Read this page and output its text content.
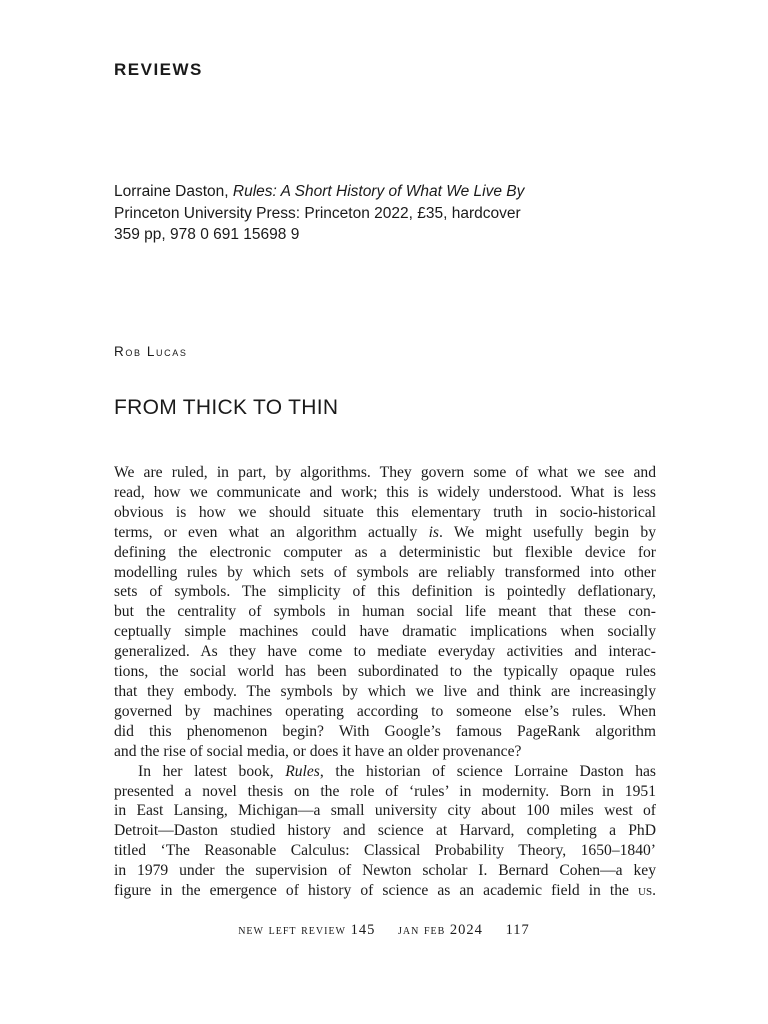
REVIEWS
Lorraine Daston, Rules: A Short History of What We Live By
Princeton University Press: Princeton 2022, £35, hardcover
359 pp, 978 0 691 15698 9
Rob Lucas
FROM THICK TO THIN

We are ruled, in part, by algorithms. They govern some of what we see and
read, how we communicate and work; this is widely understood. What is less
obvious is how we should situate this elementary truth in socio-historical
terms, or even what an algorithm actually is. We might usefully begin by
defining the electronic computer as a deterministic but flexible device for
modelling rules by which sets of symbols are reliably transformed into other
sets of symbols. The simplicity of this definition is pointedly deflationary,
but the centrality of symbols in human social life meant that these con-
ceptually simple machines could have dramatic implications when socially
generalized. As they have come to mediate everyday activities and interac-
tions, the social world has been subordinated to the typically opaque rules
that they embody. The symbols by which we live and think are increasingly
governed by machines operating according to someone else’s rules. When
did this phenomenon begin? With Google’s famous PageRank algorithm
and the rise of social media, or does it have an older provenance?

In her latest book, Rules, the historian of science Lorraine Daston has
presented a novel thesis on the role of ‘rules’ in modernity. Born in 1951
in East Lansing, Michigan—a small university city about 100 miles west of
Detroit—Daston studied history and science at Harvard, completing a PhD
titled ‘The Reasonable Calculus: Classical Probability Theory, 1650–1840’
in 1979 under the supervision of Newton scholar I. Bernard Cohen—a key
figure in the emergence of history of science as an academic field in the us.

new left review 145 jan feb 2024 117
